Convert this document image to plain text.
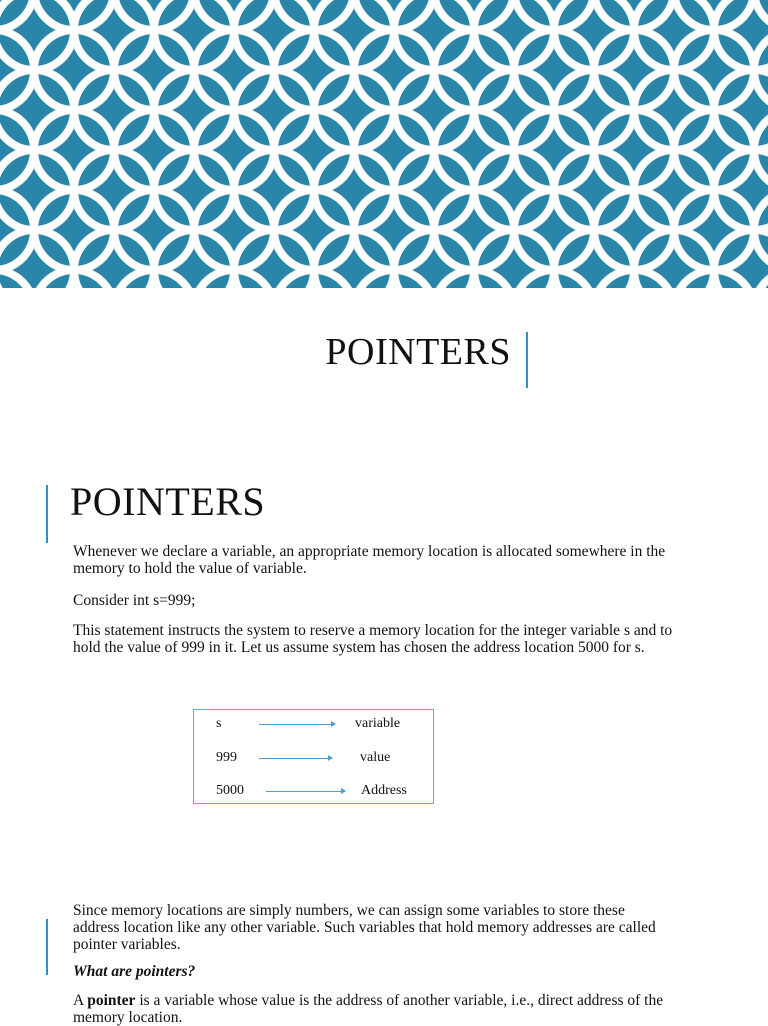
POINTERS
POINTERS

Whenever we declare a variable, an appropriate memory location is allocated somewhere in the memory to hold the value of variable.

Consider int s=999;

This statement instructs the system to reserve a memory location for the integer variable s and to hold the value of 999 in it. Let us assume system has chosen the address location 5000 for s.

s	variable
999	value
5000	Address

Since memory locations are simply numbers, we can assign some variables to store these address location like any other variable. Such variables that hold memory addresses are called pointer variables.

What are pointers?

A pointer is a variable whose value is the address of another variable, i.e., direct address of the memory location.
